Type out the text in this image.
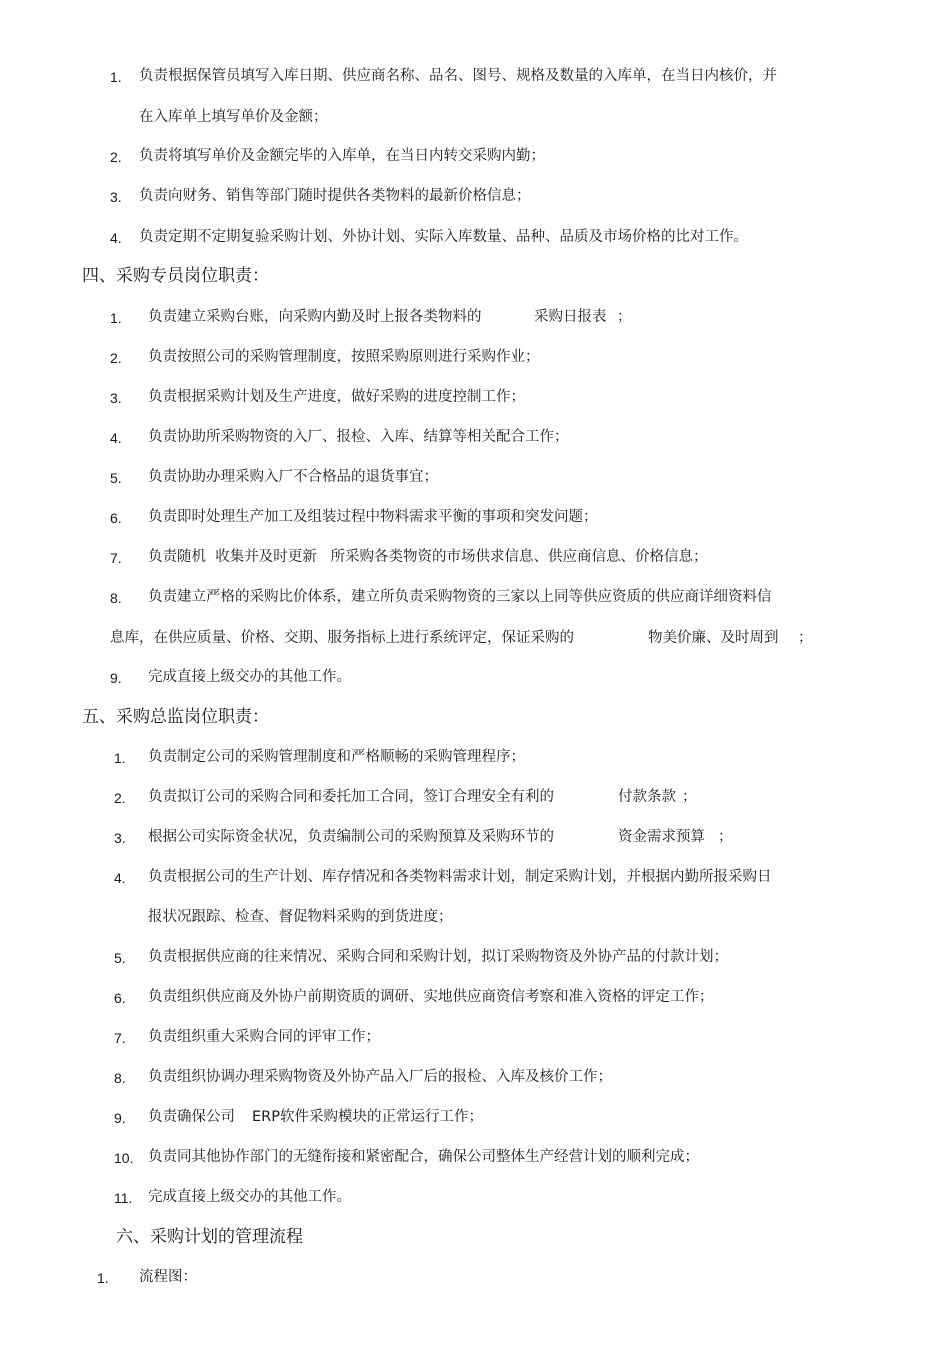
1. 负责根据保管员填写入库日期、供应商名称、品名、图号、规格及数量的入库单，在当日内核价，并
在入库单上填写单价及金额；
2. 负责将填写单价及金额完毕的入库单，在当日内转交采购内勤；
3. 负责向财务、销售等部门随时提供各类物料的最新价格信息；
4. 负责定期不定期复验采购计划、外协计划、实际入库数量、品种、品质及市场价格的比对工作。
四、采购专员岗位职责：
1. 负责建立采购台账，向采购内勤及时上报各类物料的	采购日报表 ；
2. 负责按照公司的采购管理制度，按照采购原则进行采购作业；
3. 负责根据采购计划及生产进度，做好采购的进度控制工作；
4. 负责协助所采购物资的入厂、报检、入库、结算等相关配合工作；
5. 负责协助办理采购入厂不合格品的退货事宜；
6. 负责即时处理生产加工及组装过程中物料需求平衡的事项和突发问题；
7. 负责随机  收集并及时更新   所采购各类物资的市场供求信息、供应商信息、价格信息；
8. 负责建立严格的采购比价体系，建立所负责采购物资的三家以上同等供应资质的供应商详细资料信
息库，在供应质量、价格、交期、服务指标上进行系统评定，保证采购的	物美价廉、及时周到 ；
9. 完成直接上级交办的其他工作。
五、采购总监岗位职责：
1. 负责制定公司的采购管理制度和严格顺畅的采购管理程序；
2. 负责拟订公司的采购合同和委托加工合同，签订合理安全有利的	付款条款 ；
3. 根据公司实际资金状况，负责编制公司的采购预算及采购环节的	资金需求预算 ；
4. 负责根据公司的生产计划、库存情况和各类物料需求计划，制定采购计划，并根据内勤所报采购日
报状况跟踪、检查、督促物料采购的到货进度；
5. 负责根据供应商的往来情况、采购合同和采购计划，拟订采购物资及外协产品的付款计划；
6. 负责组织供应商及外协户前期资质的调研、实地供应商资信考察和准入资格的评定工作；
7. 负责组织重大采购合同的评审工作；
8. 负责组织协调办理采购物资及外协产品入厂后的报检、入库及核价工作；
9. 负责确保公司 ERP软件采购模块的正常运行工作；
10. 负责同其他协作部门的无缝衔接和紧密配合，确保公司整体生产经营计划的顺利完成；
11. 完成直接上级交办的其他工作。
六、采购计划的管理流程
1. 流程图：
